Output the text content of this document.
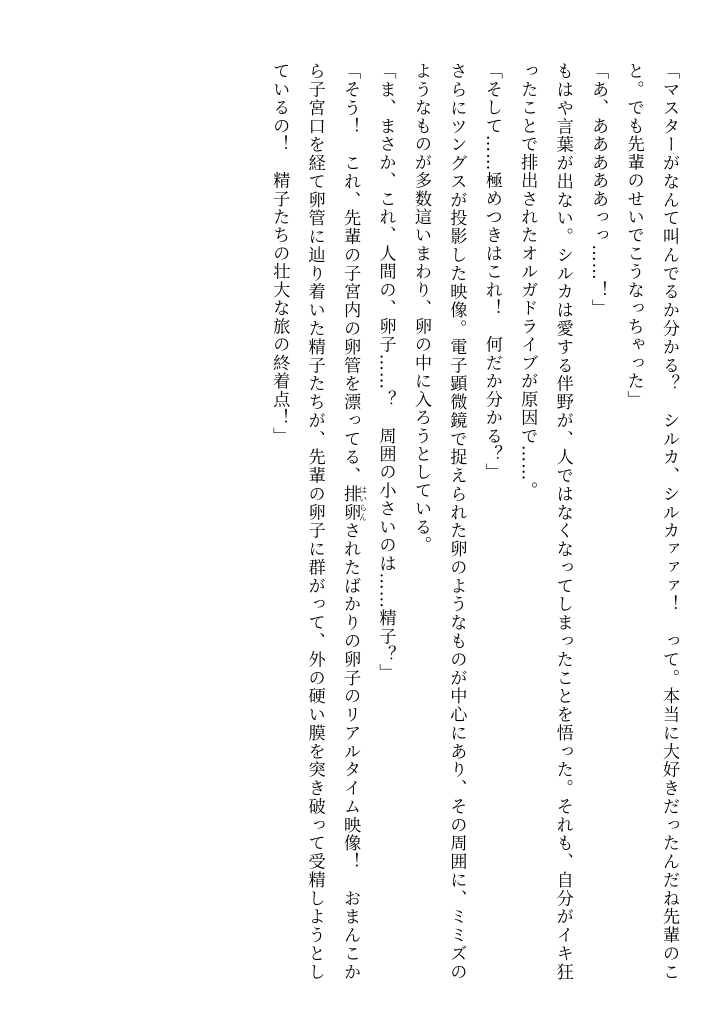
「マスターがなんて叫んでるか分かる？　シルカ、シルカァァァ！　って。本当に大好きだったんだね先輩のこと。でも先輩のせいでこうなっちゃった」

「あ、あああああっっ……！」

もはや言葉が出ない。シルカは愛する伴野が、人ではなくなってしまったことを悟った。それも、自分がイキ狂ったことで排出されたオルガドライブが原因で……。

「そして……極めつきはこれ！　何だか分かる？」

さらにツングスが投影した映像。電子顕微鏡で捉えられた卵のようなものが中心にあり、その周囲に、ミミズのようなものが多数這いまわり、卵の中に入ろうとしている。

「ま、まさか、これ、人間の、卵子……？　周囲の小さいのは……精子？」

「そう！　これ、先輩の子宮内の卵管を漂ってる、排卵はいらんされたばかりの卵子のリアルタイム映像！　おまんこから子宮口を経て卵管に辿り着いた精子たちが、先輩の卵子に群がって、外の硬い膜を突き破って受精しようとしているの！　精子たちの壮大な旅の終着点！」
